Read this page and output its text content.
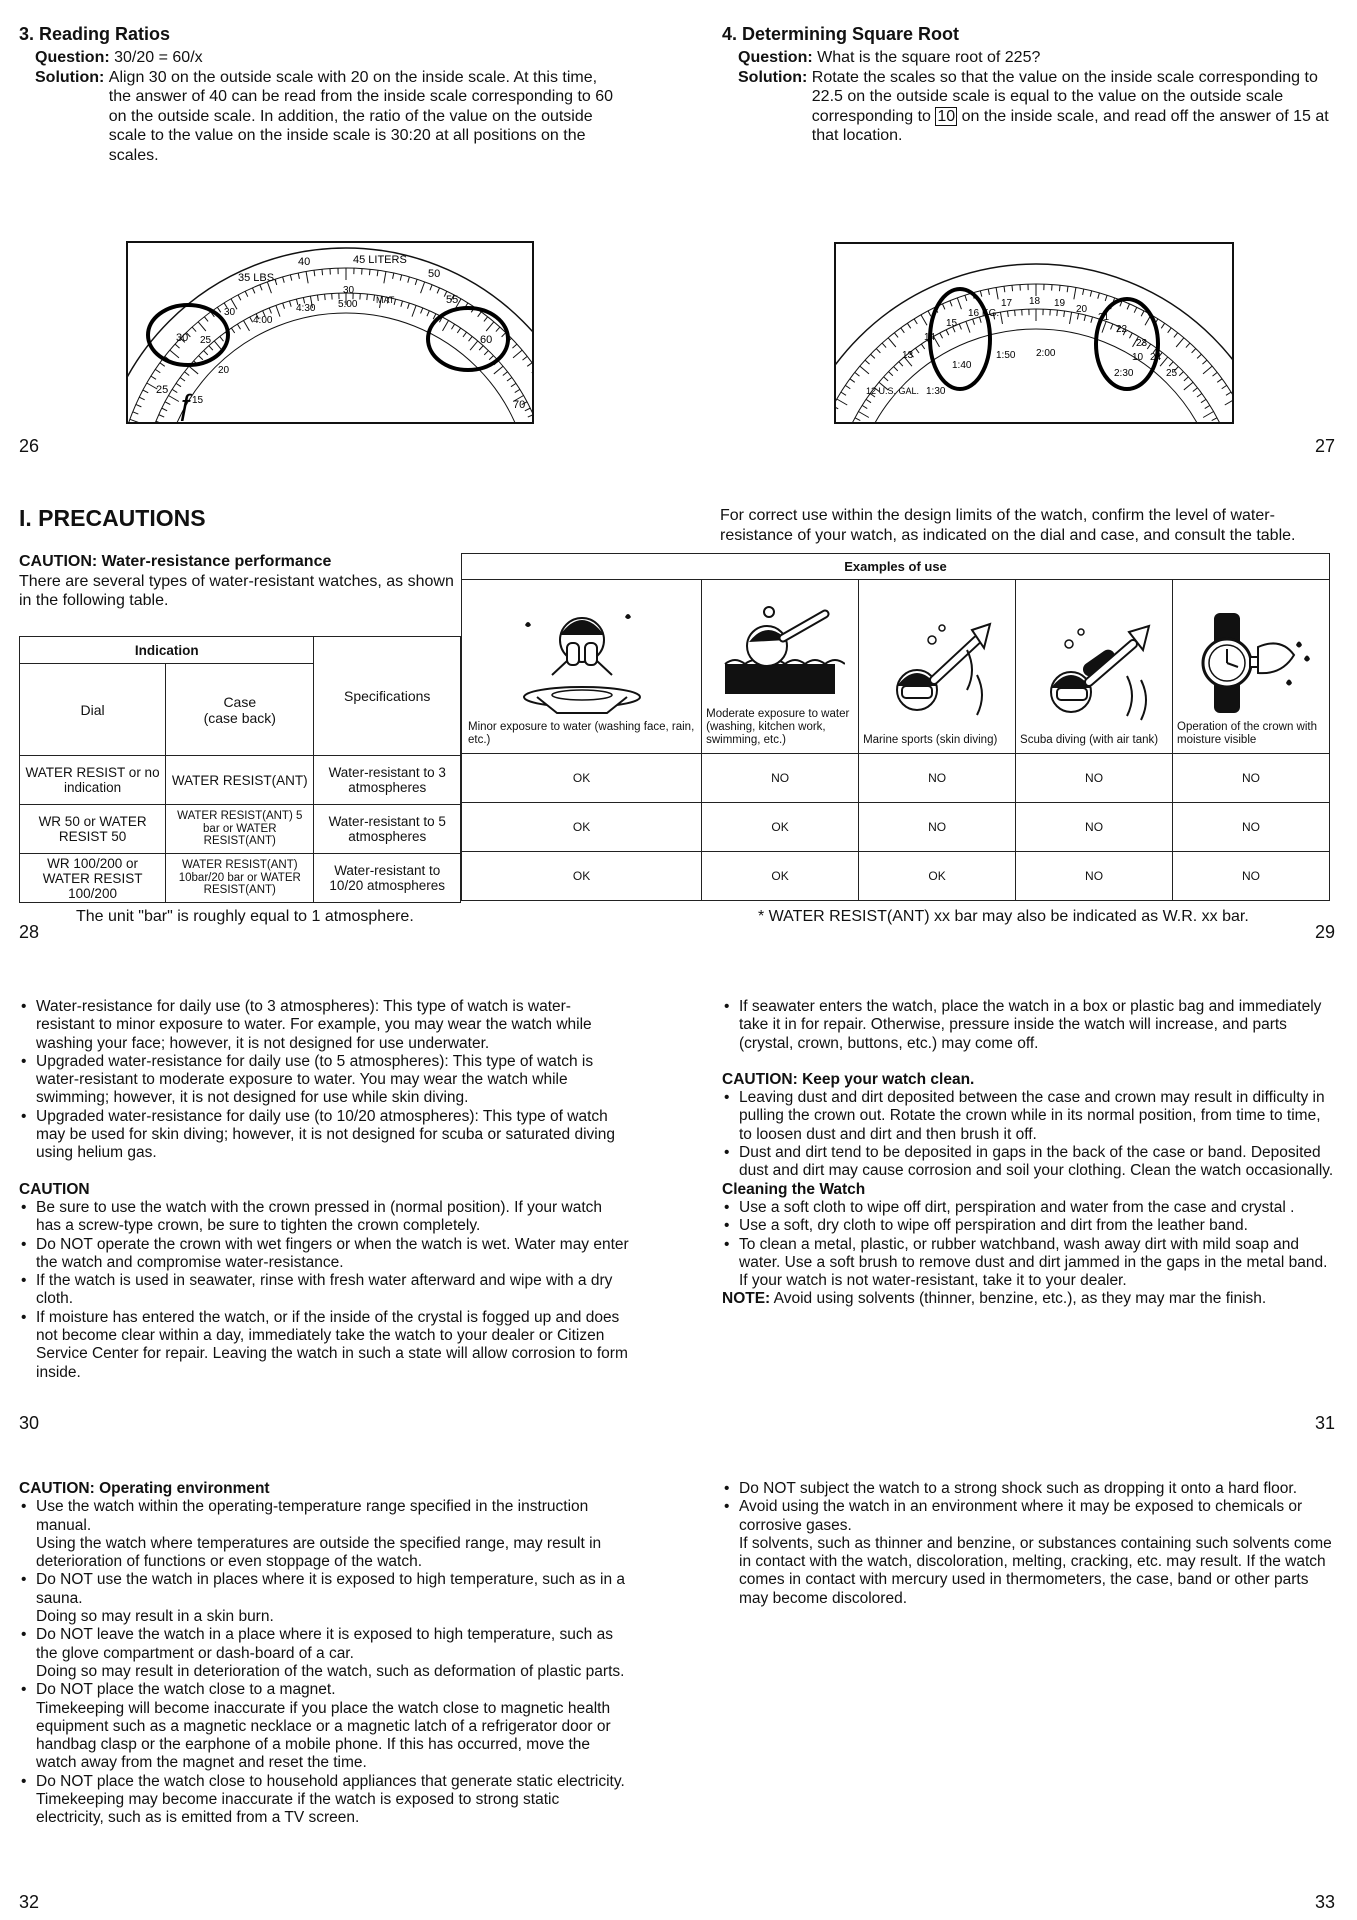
3. Reading Ratios
Question:
30/20 = 60/x
Solution:
Align 30 on the outside scale with 20 on the inside scale. At this time, the answer of 40 can be read from the inside scale corresponding to 60 on the outside scale. In addition, the ratio of the value on the outside scale to the value on the inside scale is 30:20 at all positions on the scales.
35 LBS.
40	45 LITERS
50
55
60
70
30
25
30
25
4:00
4:30 5:00
30
MAT
20
15
ƒ
26
4. Determining Square Root
Question:
What is the square root of 225?
Solution:
Rotate the scales so that the value on the inside scale corresponding to 22.5 on the outside scale is equal to the value on the outside scale corresponding to 10 on the inside scale, and read off the answer of 15 at that location.
16 KG.
17 18 19
20
21
22
23
24
25
15
14
13
12 U.S. GAL.
1:40
1:50 2:00
2:30
1:30
10
27
I. PRECAUTIONS
CAUTION: Water-resistance performance
There are several types of water-resistant watches, as shown in the following table.
For correct use within the design limits of the watch, confirm the level of water-resistance of your watch, as indicated on the dial and case, and consult the table.
Indication		Specifications
Dial	Case
(case back)	
WATER RESIST or no indication	WATER RESIST(ANT)	Water-resistant to 3 atmospheres
WR 50 or WATER RESIST 50	WATER RESIST(ANT) 5 bar or WATER RESIST(ANT)	Water-resistant to 5 atmospheres
WR 100/200 or WATER RESIST 100/200	WATER RESIST(ANT) 10bar/20 bar or WATER RESIST(ANT)	Water-resistant to 10/20 atmospheres
Examples of use				

Minor exposure to water (washing face, rain, etc.)	Moderate exposure to water (washing, kitchen work, swimming, etc.)	Marine sports (skin diving)	Scuba diving (with air tank)	Operation of the crown with moisture visible

OK	NO	NO	NO	NO
OK	OK	NO	NO	NO
OK	OK	OK	NO	NO
The unit "bar" is roughly equal to 1 atmosphere.	* WATER RESIST(ANT) xx bar may also be indicated as W.R. xx bar.
28	29
• Water-resistance for daily use (to 3 atmospheres): This type of watch is water-resistant to minor exposure to water. For example, you may wear the watch while washing your face; however, it is not designed for use underwater.
• Upgraded water-resistance for daily use (to 5 atmospheres): This type of watch is water-resistant to moderate exposure to water. You may wear the watch while swimming; however, it is not designed for use while skin diving.
• Upgraded water-resistance for daily use (to 10/20 atmospheres): This type of watch may be used for skin diving; however, it is not designed for scuba or saturated diving using helium gas.
CAUTION
• Be sure to use the watch with the crown pressed in (normal position). If your watch has a screw-type crown, be sure to tighten the crown completely.
• Do NOT operate the crown with wet fingers or when the watch is wet. Water may enter the watch and compromise water-resistance.
• If the watch is used in seawater, rinse with fresh water afterward and wipe with a dry cloth.
• If moisture has entered the watch, or if the inside of the crystal is fogged up and does not become clear within a day, immediately take the watch to your dealer or Citizen Service Center for repair. Leaving the watch in such a state will allow corrosion to form inside.
30
• If seawater enters the watch, place the watch in a box or plastic bag and immediately take it in for repair. Otherwise, pressure inside the watch will increase, and parts (crystal, crown, buttons, etc.) may come off.
CAUTION: Keep your watch clean.
• Leaving dust and dirt deposited between the case and crown may result in difficulty in pulling the crown out. Rotate the crown while in its normal position, from time to time, to loosen dust and dirt and then brush it off.
• Dust and dirt tend to be deposited in gaps in the back of the case or band. Deposited dust and dirt may cause corrosion and soil your clothing. Clean the watch occasionally.
Cleaning the Watch
• Use a soft cloth to wipe off dirt, perspiration and water from the case and crystal .
• Use a soft, dry cloth to wipe off perspiration and dirt from the leather band.
• To clean a metal, plastic, or rubber watchband, wash away dirt with mild soap and water. Use a soft brush to remove dust and dirt jammed in the gaps in the metal band. If your watch is not water-resistant, take it to your dealer.
NOTE: Avoid using solvents (thinner, benzine, etc.), as they may mar the finish.
31
CAUTION: Operating environment
• Use the watch within the operating-temperature range specified in the instruction manual.
Using the watch where temperatures are outside the specified range, may result in deterioration of functions or even stoppage of the watch.
• Do NOT use the watch in places where it is exposed to high temperature, such as in a sauna.
Doing so may result in a skin burn.
• Do NOT leave the watch in a place where it is exposed to high temperature, such as the glove compartment or dash-board of a car.
Doing so may result in deterioration of the watch, such as deformation of plastic parts.
• Do NOT place the watch close to a magnet.
Timekeeping will become inaccurate if you place the watch close to magnetic health equipment such as a magnetic necklace or a magnetic latch of a refrigerator door or handbag clasp or the earphone of a mobile phone. If this has occurred, move the watch away from the magnet and reset the time.
• Do NOT place the watch close to household appliances that generate static electricity.
Timekeeping may become inaccurate if the watch is exposed to strong static electricity, such as is emitted from a TV screen.
32
• Do NOT subject the watch to a strong shock such as dropping it onto a hard floor.
• Avoid using the watch in an environment where it may be exposed to chemicals or corrosive gases.
If solvents, such as thinner and benzine, or substances containing such solvents come in contact with the watch, discoloration, melting, cracking, etc. may result. If the watch comes in contact with mercury used in thermometers, the case, band or other parts may become discolored.
33
